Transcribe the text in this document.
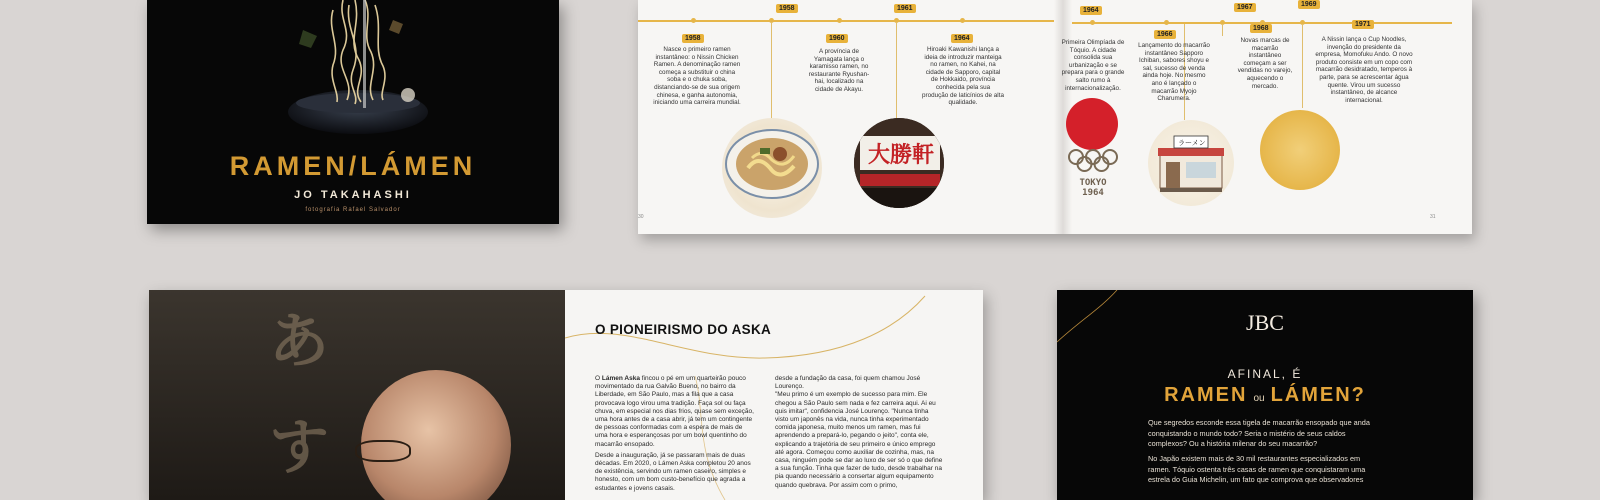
RAMEN/LÁMEN
JO TAKAHASHI
fotografia Rafael Salvador
1958	1961	1967	1969
1958
Nasce o primeiro ramen instantâneo: o Nissin Chicken Ramen. A denominação ramen começa a substituir o china soba e o chuka soba, distanciando-se de sua origem chinesa, e ganha autonomia, iniciando uma carreira mundial.
1960
A província de Yamagata lança o karamisso ramen, no restaurante Ryushan-hai, localizado na cidade de Akayu.
1964
Hiroaki Kawanishi lança a ideia de introduzir manteiga no ramen, no Kahei, na cidade de Sapporo, capital de Hokkaido, província conhecida pela sua produção de laticínios de alta qualidade.
1964
Primeira Olimpíada de Tóquio. A cidade consolida sua urbanização e se prepara para o grande salto rumo à internacionalização.
1966
Lançamento do macarrão instantâneo Sapporo Ichiban, sabores shoyu e sal, sucesso de venda ainda hoje. No mesmo ano é lançado o macarrão Myojo Charumera.
1968
Novas marcas de macarrão instantâneo começam a ser vendidas no varejo, aquecendo o mercado.
1971
A Nissin lança o Cup Noodles, invenção do presidente da empresa, Momofuku Ando. O novo produto consiste em um copo com macarrão desidratado, temperos à parte, para se acrescentar água quente. Virou um sucesso instantâneo, de alcance internacional.
大勝軒
TOKYO 1964
ラーメン
30	31
あ
す
O PIONEIRISMO DO ASKA

O Lámen Aska fincou o pé em um quarteirão pouco movimentado da rua Galvão Bueno, no bairro da Liberdade, em São Paulo, mas a fila que a casa provocava logo virou uma tradição. Faça sol ou faça chuva, em especial nos dias frios, quase sem exceção, uma hora antes de a casa abrir, já tem um contingente de pessoas conformadas com a espera de mais de uma hora e esperançosas por um bowl quentinho do macarrão ensopado.

Desde a inauguração, já se passaram mais de duas décadas. Em 2020, o Lámen Aska completou 20 anos de existência, servindo um ramen caseiro, simples e honesto, com um bom custo-benefício que agrada a estudantes e jovens casais.

desde a fundação da casa, foi quem chamou José Lourenço.

"Meu primo é um exemplo de sucesso para mim. Ele chegou a São Paulo sem nada e fez carreira aqui. Ai eu quis imitar", confidencia José Lourenço. "Nunca tinha visto um japonês na vida, nunca tinha experimentado comida japonesa, muito menos um ramen, mas fui aprendendo a prepará-lo, pegando o jeito", conta ele, explicando a trajetória de seu primeiro e único emprego até agora. Começou como auxiliar de cozinha, mas, na casa, ninguém pode se dar ao luxo de ser só o que define a sua função. Tinha que fazer de tudo, desde trabalhar na pia quando necessário a consertar algum equipamento quando quebrava. Por assim com o primo,

JBC
AFINAL, É
RAMEN ou LÁMEN?
Que segredos esconde essa tigela de macarrão ensopado que anda conquistando o mundo todo? Seria o mistério de seus caldos complexos? Ou a história milenar do seu macarrão?
No Japão existem mais de 30 mil restaurantes especializados em ramen. Tóquio ostenta três casas de ramen que conquistaram uma estrela do Guia Michelin, um fato que comprova que observadores
